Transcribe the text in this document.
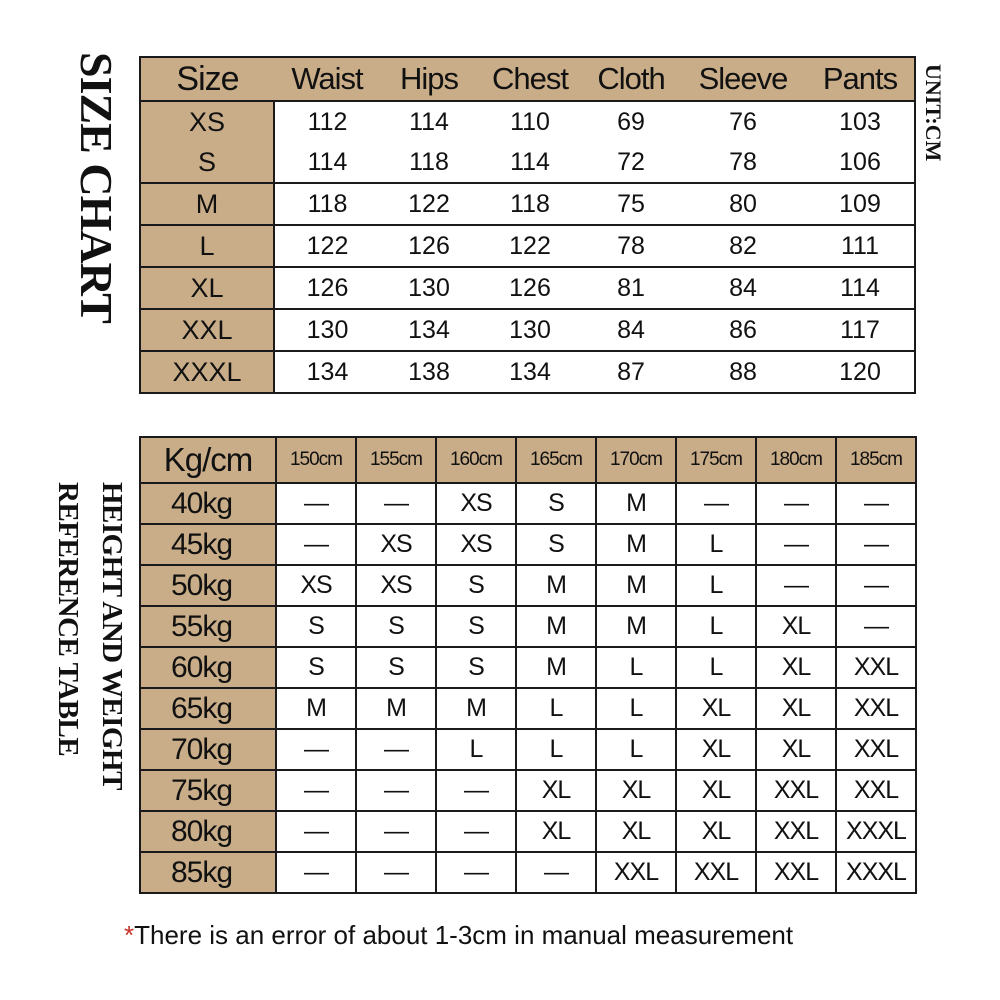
SIZE CHART	UNIT:CM
Size	Waist	Hips	Chest	Cloth	Sleeve	Pants
XS	112	114	110	69	76	103
S	114	118	114	72	78	106
M	118	122	118	75	80	109
L	122	126	122	78	82	111
XL	126	130	126	81	84	114
XXL	130	134	130	84	86	117
XXXL	134	138	134	87	88	120
HEIGHT AND WEIGHT
REFERENCE TABLE
Kg/cm	150cm	155cm	160cm	165cm	170cm	175cm	180cm	185cm
40kg	—	—	XS	S	M	—	—	—
45kg	—	XS	XS	S	M	L	—	—
50kg	XS	XS	S	M	M	L	—	—
55kg	S	S	S	M	M	L	XL	—
60kg	S	S	S	M	L	L	XL	XXL
65kg	M	M	M	L	L	XL	XL	XXL
70kg	—	—	L	L	L	XL	XL	XXL
75kg	—	—	—	XL	XL	XL	XXL	XXL
80kg	—	—	—	XL	XL	XL	XXL	XXXL
85kg	—	—	—	—	XXL	XXL	XXL	XXXL
*There is an error of about 1-3cm in manual measurement
